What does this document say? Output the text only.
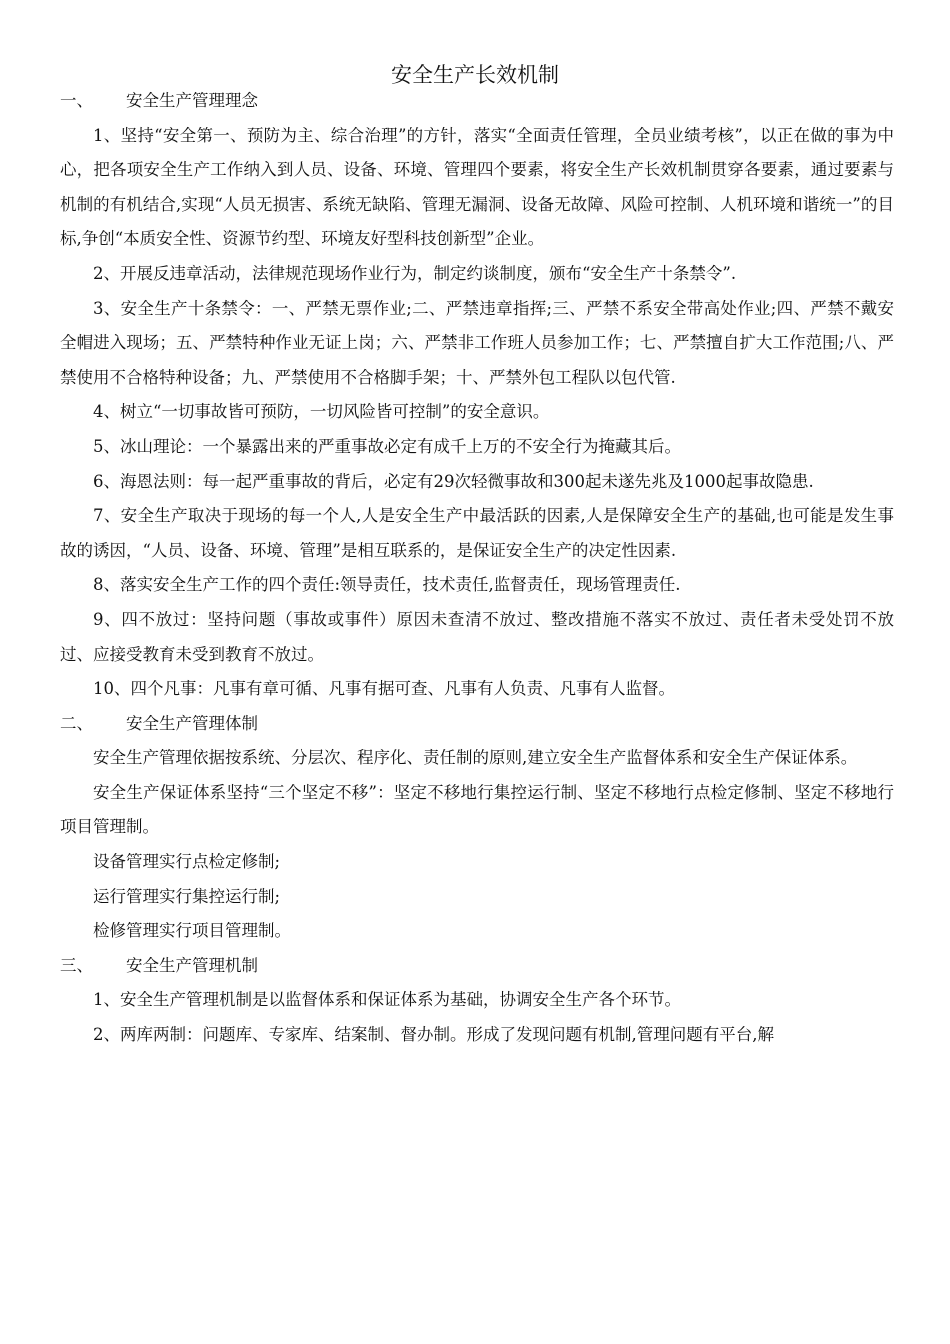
安全生产长效机制

一、 安全生产管理理念

1、坚持“安全第一、预防为主、综合治理”的方针，落实“全面责任管理，全员业绩考核”，以正在做的事为中心，把各项安全生产工作纳入到人员、设备、环境、管理四个要素，将安全生产长效机制贯穿各要素，通过要素与机制的有机结合,实现“人员无损害、系统无缺陷、管理无漏洞、设备无故障、风险可控制、人机环境和谐统一”的目标,争创“本质安全性、资源节约型、环境友好型科技创新型”企业。

2、开展反违章活动，法律规范现场作业行为，制定约谈制度，颁布“安全生产十条禁令”.

3、安全生产十条禁令：一、严禁无票作业;二、严禁违章指挥;三、严禁不系安全带高处作业;四、严禁不戴安全帽进入现场；五、严禁特种作业无证上岗；六、严禁非工作班人员参加工作；七、严禁擅自扩大工作范围;八、严禁使用不合格特种设备；九、严禁使用不合格脚手架；十、严禁外包工程队以包代管.

4、树立“一切事故皆可预防，一切风险皆可控制”的安全意识。

5、冰山理论：一个暴露出来的严重事故必定有成千上万的不安全行为掩藏其后。

6、海恩法则：每一起严重事故的背后，必定有29次轻微事故和300起未遂先兆及1000起事故隐患.

7、安全生产取决于现场的每一个人,人是安全生产中最活跃的因素,人是保障安全生产的基础,也可能是发生事故的诱因，“人员、设备、环境、管理”是相互联系的，是保证安全生产的决定性因素.

8、落实安全生产工作的四个责任:领导责任，技术责任,监督责任，现场管理责任.

9、四不放过：坚持问题（事故或事件）原因未查清不放过、整改措施不落实不放过、责任者未受处罚不放过、应接受教育未受到教育不放过。

10、四个凡事：凡事有章可循、凡事有据可查、凡事有人负责、凡事有人监督。

二、 安全生产管理体制

安全生产管理依据按系统、分层次、程序化、责任制的原则,建立安全生产监督体系和安全生产保证体系。

安全生产保证体系坚持“三个坚定不移”：坚定不移地行集控运行制、坚定不移地行点检定修制、坚定不移地行项目管理制。

设备管理实行点检定修制;

运行管理实行集控运行制;

检修管理实行项目管理制。

三、 安全生产管理机制

1、安全生产管理机制是以监督体系和保证体系为基础，协调安全生产各个环节。

2、两库两制：问题库、专家库、结案制、督办制。形成了发现问题有机制,管理问题有平台,解
